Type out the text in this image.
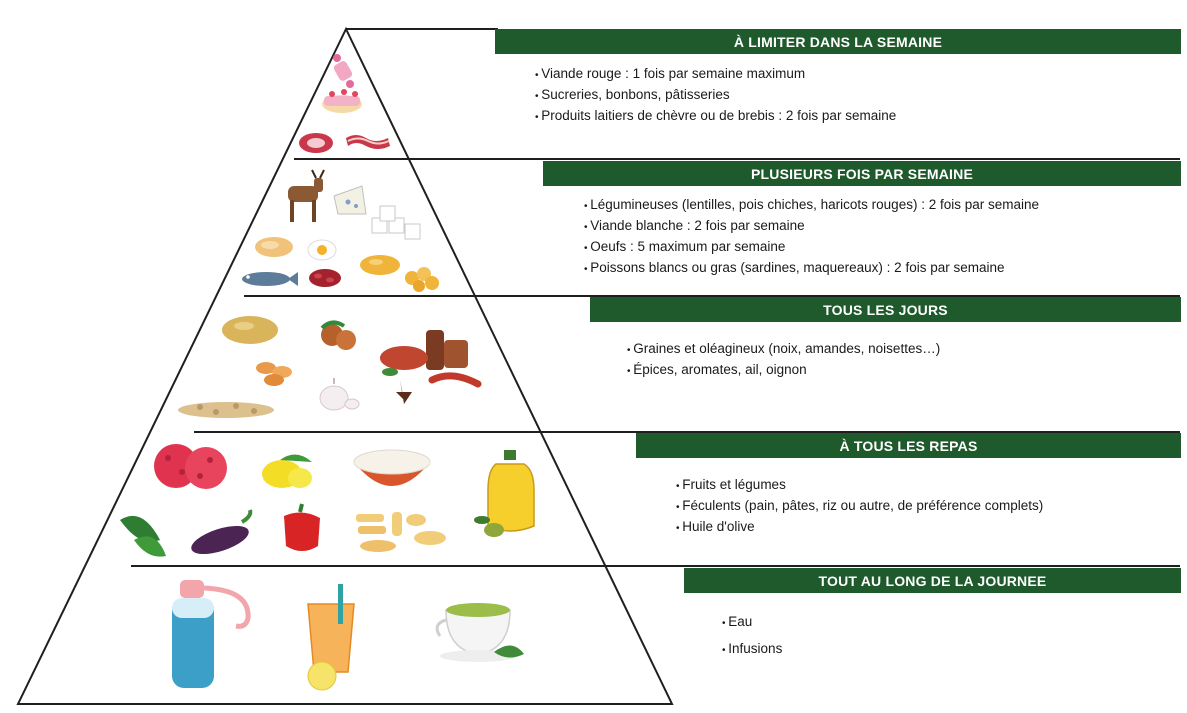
À LIMITER DANS LA SEMAINE
• Viande rouge : 1 fois par semaine maximum
• Sucreries, bonbons, pâtisseries
• Produits laitiers de chèvre ou de brebis : 2 fois par semaine
PLUSIEURS FOIS PAR SEMAINE
• Légumineuses (lentilles, pois chiches, haricots rouges) : 2 fois par semaine
• Viande blanche : 2 fois par semaine
• Oeufs : 5 maximum par semaine
• Poissons blancs ou gras (sardines, maquereaux) : 2 fois par semaine
TOUS LES JOURS
• Graines et oléagineux (noix, amandes, noisettes…)
• Épices, aromates, ail, oignon
À TOUS LES REPAS
• Fruits et légumes
• Féculents (pain, pâtes, riz ou autre, de préférence complets)
• Huile d'olive
TOUT AU LONG DE LA JOURNEE
• Eau
• Infusions
